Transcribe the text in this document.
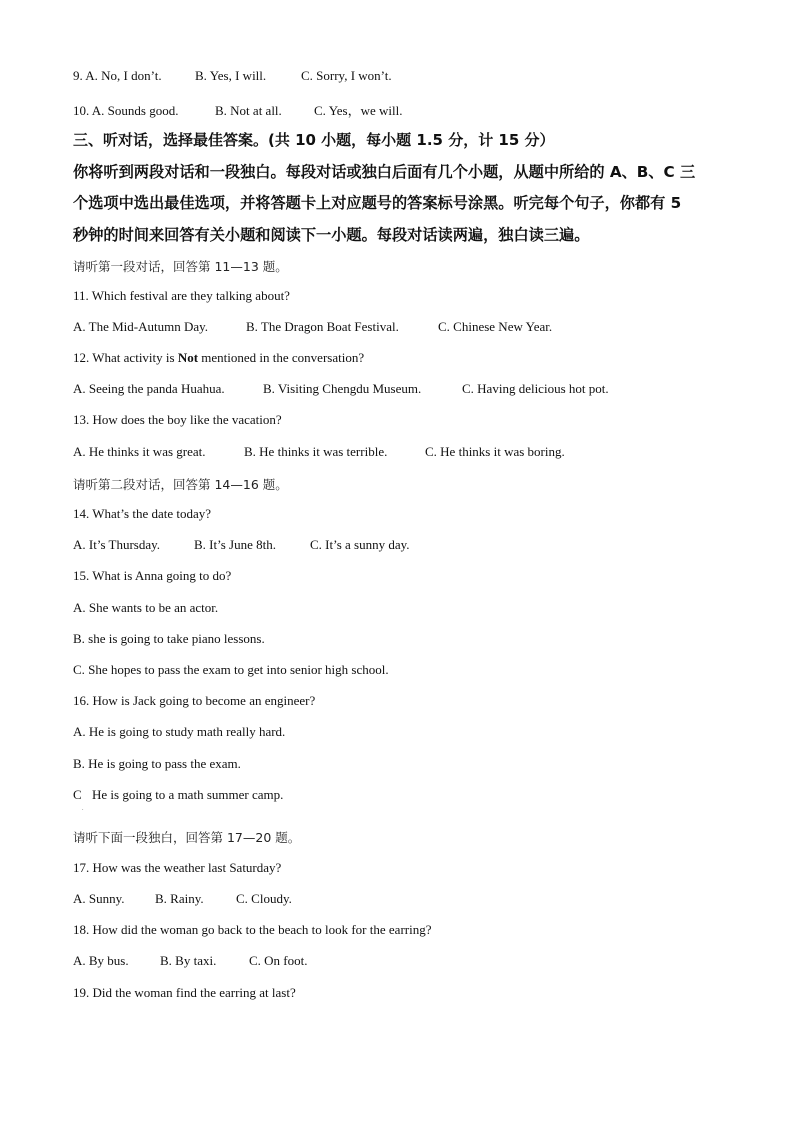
9. A. No, I don’t.	B. Yes, I will.	C. Sorry, I won’t.
10. A. Sounds good.	B. Not at all. C. Yes，we will.
三、听对话，选择最佳答案。(共 10 小题，每小题 1.5 分，计 15 分）
你将听到两段对话和一段独白。每段对话或独白后面有几个小题，从题中所给的 A、B、C 三
个选项中选出最佳选项，并将答题卡上对应题号的答案标号涂黑。听完每个句子，你都有 5
秒钟的时间来回答有关小题和阅读下一小题。每段对话读两遍，独白读三遍。
请听第一段对话，回答第 11—13 题。
11. Which festival are they talking about?
A. The Mid-Autumn Day.	B. The Dragon Boat Festival.	C. Chinese New Year.
12. What activity is Not mentioned in the conversation?
A. Seeing the panda Huahua.	B. Visiting Chengdu Museum.	C. Having delicious hot pot.
13. How does the boy like the vacation?
A. He thinks it was great.	B. He thinks it was terrible.	C. He thinks it was boring.
请听第二段对话，回答第 14—16 题。
14. What’s the date today?
A. It’s Thursday.	B. It’s June 8th.	C. It’s a sunny day.
15. What is Anna going to do?
A. She wants to be an actor.
B. she is going to take piano lessons.
C. She hopes to pass the exam to get into senior high school.
16. How is Jack going to become an engineer?
A. He is going to study math really hard.
B. He is going to pass the exam.
C He is going to a math summer camp.
.
请听下面一段独白，回答第 17—20 题。
17. How was the weather last Saturday?
A. Sunny. B. Rainy. C. Cloudy.
18. How did the woman go back to the beach to look for the earring?
A. By bus. B. By taxi.	C. On foot.
19. Did the woman find the earring at last?
